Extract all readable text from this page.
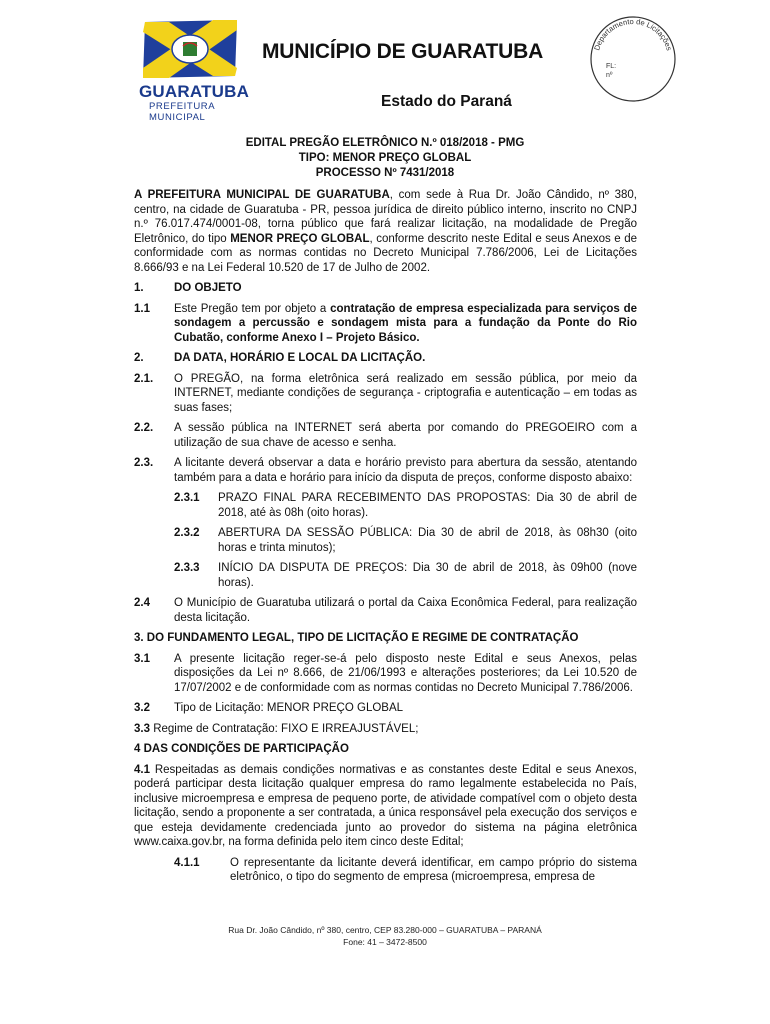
GUARATUBA
PREFEITURA MUNICIPAL
MUNICÍPIO DE GUARATUBA
Estado do Paraná
Departamento de Licitações
FL:
nº
EDITAL PREGÃO ELETRÔNICO N.º 018/2018 - PMG
TIPO: MENOR PREÇO GLOBAL
PROCESSO Nº 7431/2018

A PREFEITURA MUNICIPAL DE GUARATUBA, com sede à Rua Dr. João Cândido, nº 380, centro, na cidade de Guaratuba - PR, pessoa jurídica de direito público interno, inscrito no CNPJ n.º 76.017.474/0001-08, torna público que fará realizar licitação, na modalidade de Pregão Eletrônico, do tipo MENOR PREÇO GLOBAL, conforme descrito neste Edital e seus Anexos e de conformidade com as normas contidas no Decreto Municipal 7.786/2006, Lei de Licitações 8.666/93 e na Lei Federal 10.520 de 17 de Julho de 2002.

1.	DO OBJETO
1.1	Este Pregão tem por objeto a contratação de empresa especializada para serviços de sondagem a percussão e sondagem mista para a fundação da Ponte do Rio Cubatão, conforme Anexo I – Projeto Básico.
2.	DA DATA, HORÁRIO E LOCAL DA LICITAÇÃO.
2.1.	O PREGÃO, na forma eletrônica será realizado em sessão pública, por meio da INTERNET, mediante condições de segurança - criptografia e autenticação – em todas as suas fases;
2.2.	A sessão pública na INTERNET será aberta por comando do PREGOEIRO com a utilização de sua chave de acesso e senha.
2.3.	A licitante deverá observar a data e horário previsto para abertura da sessão, atentando também para a data e horário para início da disputa de preços, conforme disposto abaixo:
2.3.1	PRAZO FINAL PARA RECEBIMENTO DAS PROPOSTAS: Dia 30 de abril de 2018, até às 08h (oito horas).
2.3.2	ABERTURA DA SESSÃO PÚBLICA: Dia 30 de abril de 2018, às 08h30 (oito horas e trinta minutos);
2.3.3	INÍCIO DA DISPUTA DE PREÇOS: Dia 30 de abril de 2018, às 09h00 (nove horas).
2.4	O Município de Guaratuba utilizará o portal da Caixa Econômica Federal, para realização desta licitação.
3. DO FUNDAMENTO LEGAL, TIPO DE LICITAÇÃO E REGIME DE CONTRATAÇÃO
3.1	A presente licitação reger-se-á pelo disposto neste Edital e seus Anexos, pelas disposições da Lei nº 8.666, de 21/06/1993 e alterações posteriores; da Lei 10.520 de 17/07/2002 e de conformidade com as normas contidas no Decreto Municipal 7.786/2006.
3.2	Tipo de Licitação: MENOR PREÇO GLOBAL

3.3 Regime de Contratação: FIXO E IRREAJUSTÁVEL;

4 DAS CONDIÇÕES DE PARTICIPAÇÃO

4.1 Respeitadas as demais condições normativas e as constantes deste Edital e seus Anexos, poderá participar desta licitação qualquer empresa do ramo legalmente estabelecida no País, inclusive microempresa e empresa de pequeno porte, de atividade compatível com o objeto desta licitação, sendo a proponente a ser contratada, a única responsável pela execução dos serviços e que esteja devidamente credenciada junto ao provedor do sistema na página eletrônica www.caixa.gov.br, na forma definida pelo item cinco deste Edital;

4.1.1	O representante da licitante deverá identificar, em campo próprio do sistema eletrônico, o tipo do segmento de empresa (microempresa, empresa de
Rua Dr. João Cândido, nº 380, centro, CEP 83.280-000 – GUARATUBA – PARANÁ
Fone: 41 – 3472-8500
